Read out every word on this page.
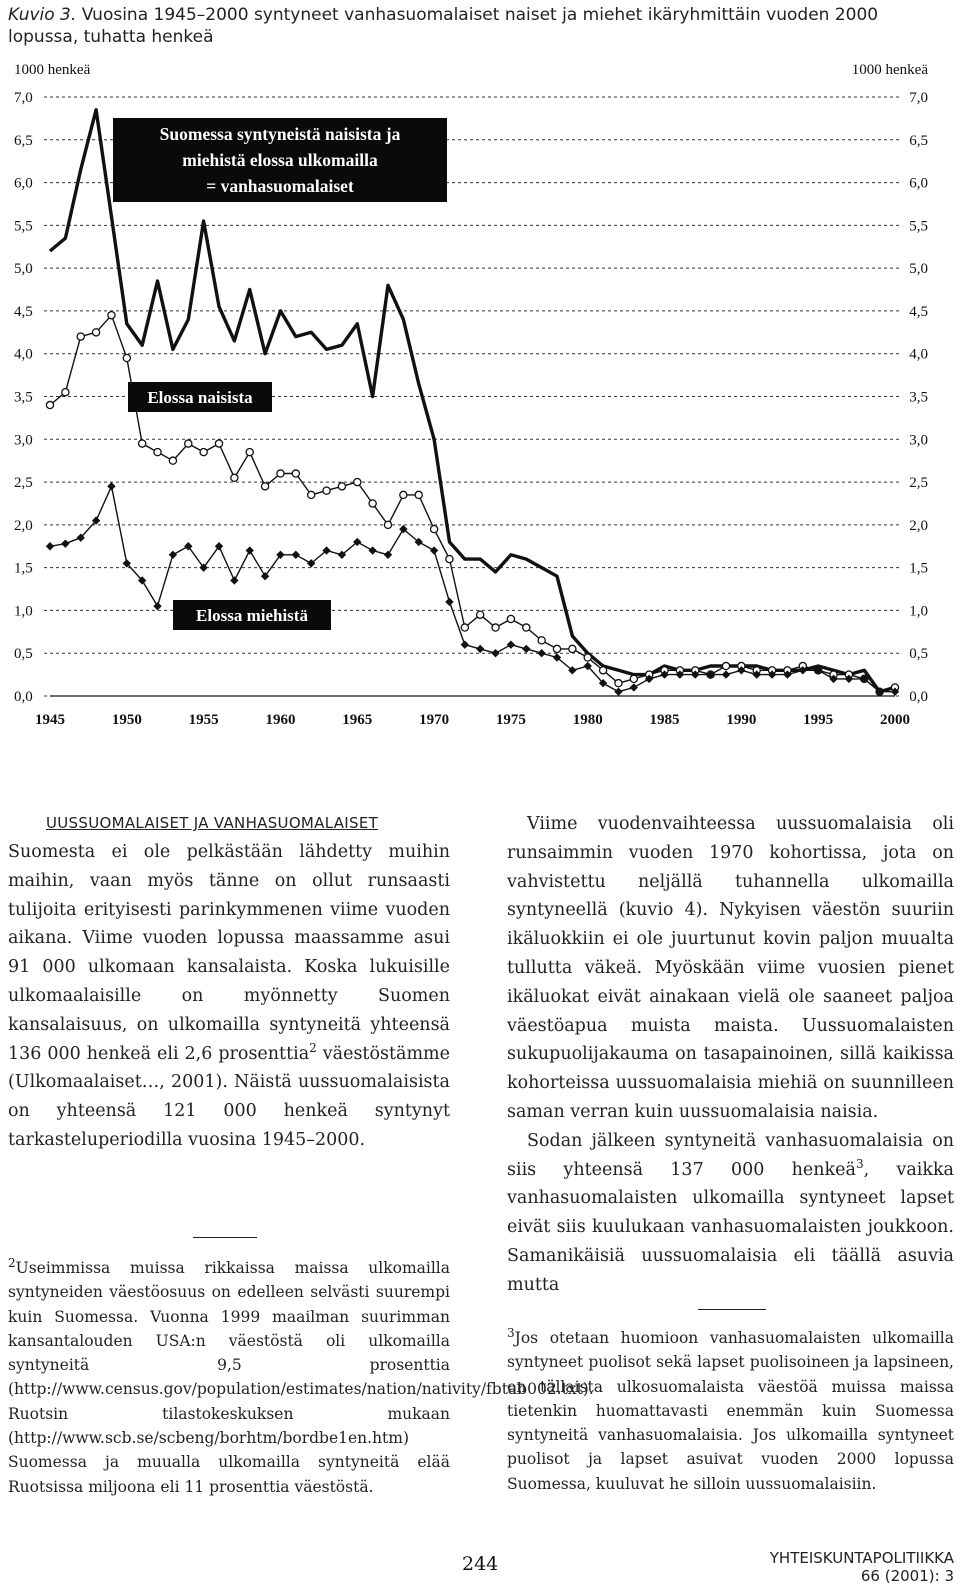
Kuvio 3. Vuosina 1945–2000 syntyneet vanhasuomalaiset naiset ja miehet ikäryhmittäin vuoden 2000 lopussa, tuhatta henkeä
0,0	0,0
0,5	0,5
1,0	1,0
1,5	1,5
2,0	2,0
2,5	2,5
3,0	3,0
3,5	3,5
4,0	4,0
4,5	4,5
5,0	5,0
5,5	5,5
6,0	6,0
6,5	6,5
7,0	7,0
1945	1950	1955	1960	1965	1970	1975	1980	1985	1990	1995	2000
1000 henkeä	1000 henkeä
Suomessa syntyneistä naisista ja miehistä elossa ulkomailla = vanhasuomalaiset
Elossa naisista
Elossa miehistä

UUSSUOMALAISET JA VANHASUOMALAISET

Suomesta ei ole pelkästään lähdetty muihin maihin, vaan myös tänne on ollut runsaasti tulijoita erityisesti parinkymmenen viime vuoden aikana. Viime vuoden lopussa maassamme asui 91 000 ulkomaan kansalaista. Koska lukuisille ulkomaalaisille on myönnetty Suomen kansalaisuus, on ulkomailla syntyneitä yhteensä 136 000 henkeä eli 2,6 prosenttia$^2$ väestöstämme (Ulkomaalaiset…, 2001). Näistä uussuomalaisista on yhteensä 121 000 henkeä syntynyt tarkasteluperiodilla vuosina 1945–2000.

$^2$Useimmissa muissa rikkaissa maissa ulkomailla syntyneiden väestöosuus on edelleen selvästi suurempi kuin Suomessa. Vuonna 1999 maailman suurimman kansantalouden USA:n väestöstä oli ulkomailla syntyneitä 9,5 prosenttia (http://www.census.gov/population/estimates/nation/nativity/fbtab002.txt). Ruotsin tilastokeskuksen mukaan (http://www.scb.se/scbeng/borhtm/bordbe1en.htm) Suomessa ja muualla ulkomailla syntyneitä elää Ruotsissa miljoona eli 11 prosenttia väestöstä.

Viime vuodenvaihteessa uussuomalaisia oli runsaimmin vuoden 1970 kohortissa, jota on vahvistettu neljällä tuhannella ulkomailla syntyneellä (kuvio 4). Nykyisen väestön suuriin ikäluokkiin ei ole juurtunut kovin paljon muualta tullutta väkeä. Myöskään viime vuosien pienet ikäluokat eivät ainakaan vielä ole saaneet paljoa väestöapua muista maista. Uussuomalaisten sukupuolijakauma on tasapainoinen, sillä kaikissa kohorteissa uussuomalaisia miehiä on suunnilleen saman verran kuin uussuomalaisia naisia.

Sodan jälkeen syntyneitä vanhasuomalaisia on siis yhteensä 137 000 henkeä$^3$, vaikka vanhasuomalaisten ulkomailla syntyneet lapset eivät siis kuulukaan vanhasuomalaisten joukkoon. Samanikäisiä uussuomalaisia eli täällä asuvia mutta

$^3$Jos otetaan huomioon vanhasuomalaisten ulkomailla syntyneet puolisot sekä lapset puolisoineen ja lapsineen, on tällaista ulkosuomalaista väestöä muissa maissa tietenkin huomattavasti enemmän kuin Suomessa syntyneitä vanhasuomalaisia. Jos ulkomailla syntyneet puolisot ja lapset asuivat vuoden 2000 lopussa Suomessa, kuuluvat he silloin uussuomalaisiin.

244	YHTEISKUNTAPOLITIIKKA
66 (2001): 3
